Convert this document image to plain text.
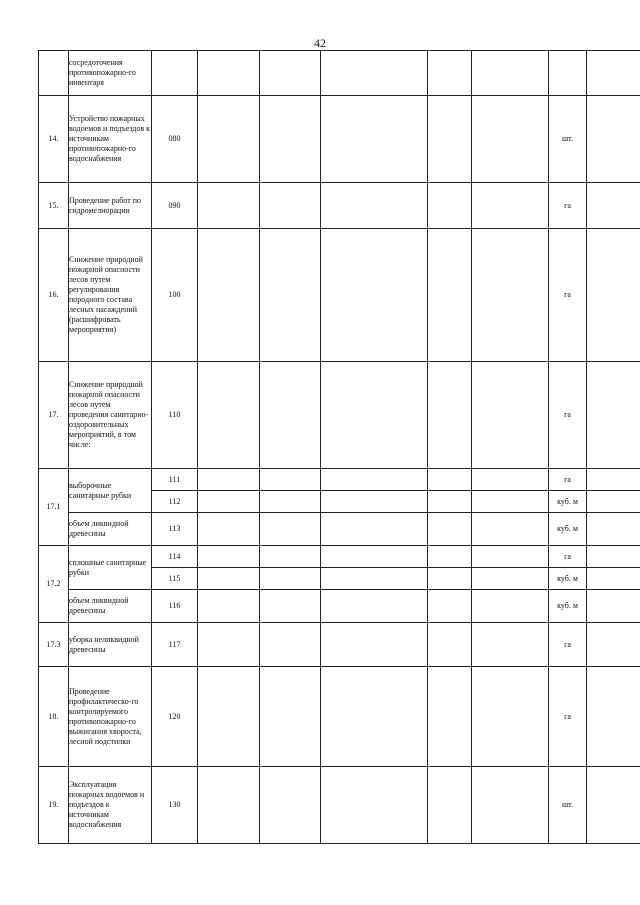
42
	сосредоточения противопожарно-го инвентаря								
14.	Устройство пожарных водоемов и подъездов к источникам противопожарно-го водоснабжения	080						шт.	
15.	Проведение работ по гидромелиорации	090						га	
16.	Снижение природной пожарной опасности лесов путем регулирования породного состава лесных насаждений (расшифровать мероприятия)	100						га	
17.	Снижение природной пожарной опасности лесов путем проведения санитарно-оздоровительных мероприятий, в том числе:	110						га	
17.1	выборочные санитарные рубки	111						га	
		112						куб. м	
	объем ликвидной древесины	113						куб. м	
17.2	сплошные санитарные рубки	114						га	
		115						куб. м	
	объем ликвидной древесины	116						куб. м	
17.3	уборка неликвидной древесины	117						га	
18.	Проведение профилактическо-го контролируемого противопожарно-го выжигания хвороста, лесной подстилки	120						га	
19.	Эксплуатация пожарных водоемов и подъездов к источникам водоснабжения	130						шт.	
